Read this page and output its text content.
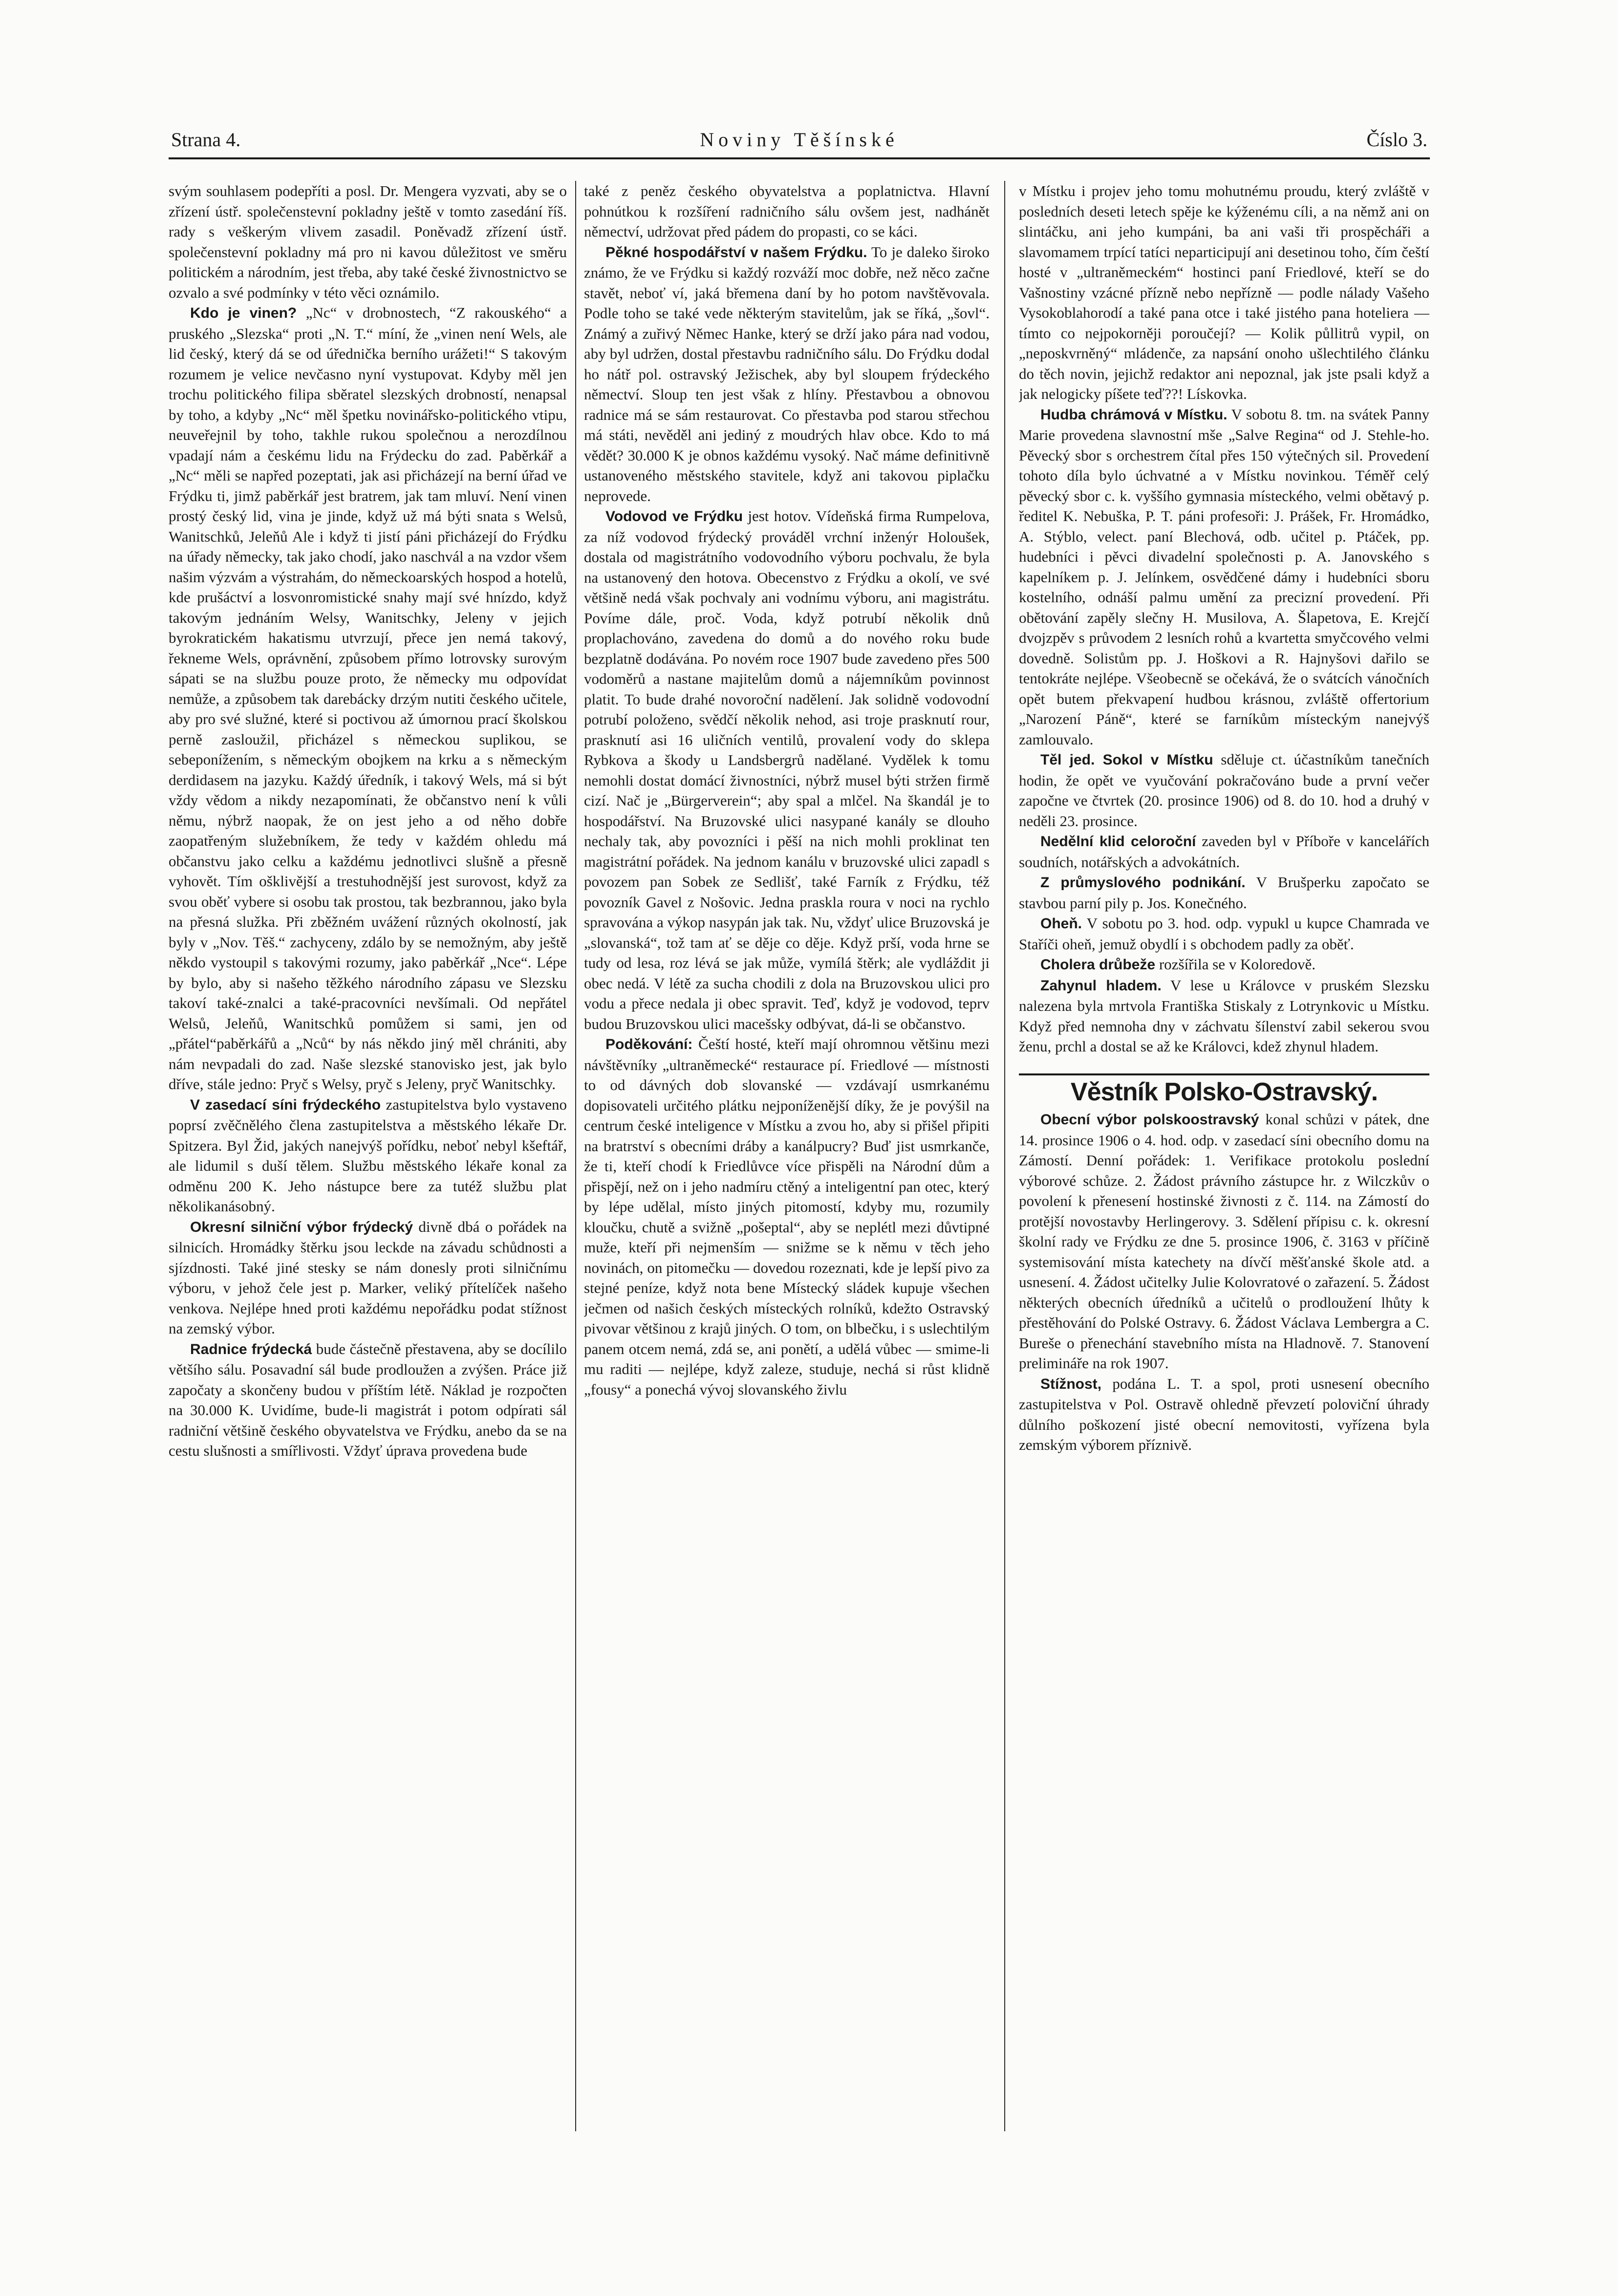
Strana 4.	Noviny Těšínské	Číslo 3.

svým souhlasem podepříti a posl. Dr. Mengera vyzvati, aby se o zřízení ústř. společenstevní pokladny ještě v tomto zasedání říš. rady s veškerým vlivem zasadil. Poněvadž zřízení ústř. společenstevní pokladny má pro ni kavou důležitost ve směru politickém a národním, jest třeba, aby také české živnostnictvo se ozvalo a své podmínky v této věci oznámilo.

Kdo je vinen? „Nc“ v drobnostech, “Z rakouského“ a pruského „Slezska“ proti „N. T.“ míní, že „vinen není Wels, ale lid český, který dá se od úřednička berního urážeti!“ S takovým rozumem je velice nevčasno nyní vystupovat. Kdyby měl jen trochu politického filipa sběratel slezských drobností, nenapsal by toho, a kdyby „Nc“ měl špetku novinářsko-politického vtipu, neuveřejnil by toho, takhle rukou společnou a nerozdílnou vpadají nám a českému lidu na Frýdecku do zad. Paběrkář a „Nc“ měli se napřed pozeptati, jak asi přicházejí na berní úřad ve Frýdku ti, jimž paběrkář jest bratrem, jak tam mluví. Není vinen prostý český lid, vina je jinde, když už má býti snata s Welsů, Wanitschků, Jeleňů Ale i když ti jistí páni přicházejí do Frýdku na úřady německy, tak jako chodí, jako naschvál a na vzdor všem našim výzvám a výstrahám, do německoarských hospod a hotelů, kde prušáctví a losvonromistické snahy mají své hnízdo, když takovým jednáním Welsy, Wanitschky, Jeleny v jejich byrokratickém hakatismu utvrzují, přece jen nemá takový, řekneme Wels, oprávnění, způsobem přímo lotrovsky surovým sápati se na službu pouze proto, že německy mu odpovídat nemůže, a způsobem tak darebácky drzým nutiti českého učitele, aby pro své služné, které si poctivou až úmornou prací školskou perně zasloužil, přicházel s německou suplikou, se sebeponížením, s německým obojkem na krku a s německým derdidasem na jazyku. Každý úředník, i takový Wels, má si být vždy vědom a nikdy nezapomínati, že občanstvo není k vůli němu, nýbrž naopak, že on jest jeho a od něho dobře zaopatřeným služebníkem, že tedy v každém ohledu má občanstvu jako celku a každému jednotlivci slušně a přesně vyhovět. Tím ošklivější a trestuhodnější jest surovost, když za svou oběť vybere si osobu tak prostou, tak bezbrannou, jako byla na přesná služka. Při zběžném uvážení různých okolností, jak byly v „Nov. Těš.“ zachyceny, zdálo by se nemožným, aby ještě někdo vystoupil s takovými rozumy, jako paběrkář „Nce“. Lépe by bylo, aby si našeho těžkého národního zápasu ve Slezsku takoví také-znalci a také-pracovníci nevšímali. Od nepřátel Welsů, Jeleňů, Wanitschků pomůžem si sami, jen od „přátel“paběrkářů a „Nců“ by nás někdo jiný měl chrániti, aby nám nevpadali do zad. Naše slezské stanovisko jest, jak bylo dříve, stále jedno: Pryč s Welsy, pryč s Jeleny, pryč Wanitschky.

V zasedací síni frýdeckého zastupitelstva bylo vystaveno poprsí zvěčnělého člena zastupitelstva a městského lékaře Dr. Spitzera. Byl Žid, jakých nanejvýš pořídku, neboť nebyl kšeftář, ale lidumil s duší tělem. Službu městského lékaře konal za odměnu 200 K. Jeho nástupce bere za tutéž službu plat několikanásobný.

Okresní silniční výbor frýdecký divně dbá o pořádek na silnicích. Hromádky štěrku jsou leckde na závadu schůdnosti a sjízdnosti. Také jiné stesky se nám donesly proti silničnímu výboru, v jehož čele jest p. Marker, veliký přítelíček našeho venkova. Nejlépe hned proti každému nepořádku podat stížnost na zemský výbor.

Radnice frýdecká bude částečně přestavena, aby se docílilo většího sálu. Posavadní sál bude prodloužen a zvýšen. Práce již započaty a skončeny budou v příštím létě. Náklad je rozpočten na 30.000 K. Uvidíme, bude-li magistrát i potom odpírati sál radniční většině českého obyvatelstva ve Frýdku, anebo da se na cestu slušnosti a smířlivosti. Vždyť úprava provedena bude

také z peněz českého obyvatelstva a poplatnictva. Hlavní pohnútkou k rozšíření radničního sálu ovšem jest, nadhánět němectví, udržovat před pádem do propasti, co se káci.

Pěkné hospodářství v našem Frýdku. To je daleko široko známo, že ve Frýdku si každý rozváží moc dobře, než něco začne stavět, neboť ví, jaká břemena daní by ho potom navštěvovala. Podle toho se také vede některým stavitelům, jak se říká, „šovl“. Známý a zuřivý Němec Hanke, který se drží jako pára nad vodou, aby byl udržen, dostal přestavbu radničního sálu. Do Frýdku dodal ho nátř pol. ostravský Ježischek, aby byl sloupem frýdeckého němectví. Sloup ten jest však z hlíny. Přestavbou a obnovou radnice má se sám restaurovat. Co přestavba pod starou střechou má státi, nevěděl ani jediný z moudrých hlav obce. Kdo to má vědět? 30.000 K je obnos každému vysoký. Nač máme definitivně ustanoveného městského stavitele, když ani takovou piplačku neprovede.

Vodovod ve Frýdku jest hotov. Vídeňská firma Rumpelova, za níž vodovod frýdecký prováděl vrchní inženýr Holoušek, dostala od magistrátního vodovodního výboru pochvalu, že byla na ustanovený den hotova. Obecenstvo z Frýdku a okolí, ve své většině nedá však pochvaly ani vodnímu výboru, ani magistrátu. Povíme dále, proč. Voda, když potrubí několik dnů proplachováno, zavedena do domů a do nového roku bude bezplatně dodávána. Po novém roce 1907 bude zavedeno přes 500 vodoměrů a nastane majitelům domů a nájemníkům povinnost platit. To bude drahé novoroční nadělení. Jak solidně vodovodní potrubí položeno, svědčí několik nehod, asi troje prasknutí rour, prasknutí asi 16 uličních ventilů, provalení vody do sklepa Rybkova a škody u Landsbergrů nadělané. Vydělek k tomu nemohli dostat domácí živnostníci, nýbrž musel býti stržen firmě cizí. Nač je „Bürgerverein“; aby spal a mlčel. Na škandál je to hospodářství. Na Bruzovské ulici nasypané kanály se dlouho nechaly tak, aby povozníci i pěší na nich mohli proklinat ten magistrátní pořádek. Na jednom kanálu v bruzovské ulici zapadl s povozem pan Sobek ze Sedlišť, také Farník z Frýdku, též povozník Gavel z Nošovic. Jedna praskla roura v noci na rychlo spravována a výkop nasypán jak tak. Nu, vždyť ulice Bruzovská je „slovanská“, tož tam ať se děje co děje. Když prší, voda hrne se tudy od lesa, roz lévá se jak může, vymílá štěrk; ale vydláždit ji obec nedá. V létě za sucha chodili z dola na Bruzovskou ulici pro vodu a přece nedala ji obec spravit. Teď, když je vodovod, teprv budou Bruzovskou ulici macešsky odbývat, dá-li se občanstvo.

Poděkování: Čeští hosté, kteří mají ohromnou většinu mezi návštěvníky „ultraněmecké“ restaurace pí. Friedlové — místnosti to od dávných dob slovanské — vzdávají usmrkanému dopisovateli určitého plátku nejponíženější díky, že je povýšil na centrum české inteligence v Místku a zvou ho, aby si přišel připiti na bratrství s obecními dráby a kanálpucry? Buď jist usmrkanče, že ti, kteří chodí k Friedlůvce více přispěli na Národní dům a přispějí, než on i jeho nadmíru ctěný a inteligentní pan otec, který by lépe udělal, místo jiných pitomostí, kdyby mu, rozumily kloučku, chutě a svižně „pošeptal“, aby se neplétl mezi důvtipné muže, kteří při nejmenším — snižme se k němu v těch jeho novinách, on pitomečku — dovedou rozeznati, kde je lepší pivo za stejné peníze, když nota bene Místecký sládek kupuje všechen ječmen od našich českých místeckých rolníků, kdežto Ostravský pivovar většinou z krajů jiných. O tom, on blbečku, i s uslechtilým panem otcem nemá, zdá se, ani ponětí, a udělá vůbec — smime-li mu raditi — nejlépe, když zaleze, studuje, nechá si růst klidně „fousy“ a ponechá vývoj slovanského živlu

v Místku i projev jeho tomu mohutnému proudu, který zvláště v posledních deseti letech spěje ke kýženému cíli, a na němž ani on slintáčku, ani jeho kumpáni, ba ani vaši tři prospěcháři a slavomamem trpící tatíci neparticipují ani desetinou toho, čím čeští hosté v „ultraněmeckém“ hostinci paní Friedlové, kteří se do Vašnostiny vzácné přízně nebo nepřízně — podle nálady Vašeho Vysokoblahorodí a také pana otce i také jistého pana hoteliera — tímto co nejpokorněji poroučejí? — Kolik půllitrů vypil, on „neposkvrněný“ mládenče, za napsání onoho ušlechtilého článku do těch novin, jejichž redaktor ani nepoznal, jak jste psali když a jak nelogicky píšete teď??! Lískovka.

Hudba chrámová v Místku. V sobotu 8. tm. na svátek Panny Marie provedena slavnostní mše „Salve Regina“ od J. Stehle-ho. Pěvecký sbor s orchestrem čítal přes 150 výtečných sil. Provedení tohoto díla bylo úchvatné a v Místku novinkou. Téměř celý pěvecký sbor c. k. vyššího gymnasia místeckého, velmi obětavý p. ředitel K. Nebuška, P. T. páni profesoři: J. Prášek, Fr. Hromádko, A. Stýblo, velect. paní Blechová, odb. učitel p. Ptáček, pp. hudebníci i pěvci divadelní společnosti p. A. Janovského s kapelníkem p. J. Jelínkem, osvědčené dámy i hudebníci sboru kostelního, odnáší palmu umění za precizní provedení. Při obětování zapěly slečny H. Musilova, A. Šlapetova, E. Krejčí dvojzpěv s průvodem 2 lesních rohů a kvartetta smyčcového velmi dovedně. Solistům pp. J. Hoškovi a R. Hajnyšovi dařilo se tentokráte nejlépe. Všeobecně se očekává, že o svátcích vánočních opět butem překvapení hudbou krásnou, zvláště offertorium „Narození Páně“, které se farníkům místeckým nanejvýš zamlouvalo.

Těl jed. Sokol v Místku sděluje ct. účastníkům tanečních hodin, že opět ve vyučování pokračováno bude a první večer započne ve čtvrtek (20. prosince 1906) od 8. do 10. hod a druhý v neděli 23. prosince.

Nedělní klid celoroční zaveden byl v Příboře v kancelářích soudních, notářských a advokátních.

Z průmyslového podnikání. V Brušperku započato se stavbou parní pily p. Jos. Konečného.

Oheň. V sobotu po 3. hod. odp. vypukl u kupce Chamrada ve Staříči oheň, jemuž obydlí i s obchodem padly za oběť.

Cholera drůbeže rozšířila se v Koloredově.

Zahynul hladem. V lese u Královce v pruském Slezsku nalezena byla mrtvola Františka Stiskaly z Lotrynkovic u Místku. Když před nemnoha dny v záchvatu šílenství zabil sekerou svou ženu, prchl a dostal se až ke Královci, kdež zhynul hladem.

Věstník Polsko-Ostravský.

Obecní výbor polskoostravský konal schůzi v pátek, dne 14. prosince 1906 o 4. hod. odp. v zasedací síni obecního domu na Zámostí. Denní pořádek: 1. Verifikace protokolu poslední výborové schůze. 2. Žádost právního zástupce hr. z Wilczkův o povolení k přenesení hostinské živnosti z č. 114. na Zámostí do protější novostavby Herlingerovy. 3. Sdělení přípisu c. k. okresní školní rady ve Frýdku ze dne 5. prosince 1906, č. 3163 v příčině systemisování místa katechety na dívčí měšťanské škole atd. a usnesení. 4. Žádost učitelky Julie Kolovratové o zařazení. 5. Žádost některých obecních úředníků a učitelů o prodloužení lhůty k přestěhování do Polské Ostravy. 6. Žádost Václava Lembergra a C. Bureše o přenechání stavebního místa na Hladnově. 7. Stanovení preliminářе na rok 1907.

Stížnost, podána L. T. a spol, proti usnesení obecního zastupitelstva v Pol. Ostravě ohledně převzetí poloviční úhrady důlního poškození jisté obecní nemovitosti, vyřízena byla zemským výborem příznivě.
